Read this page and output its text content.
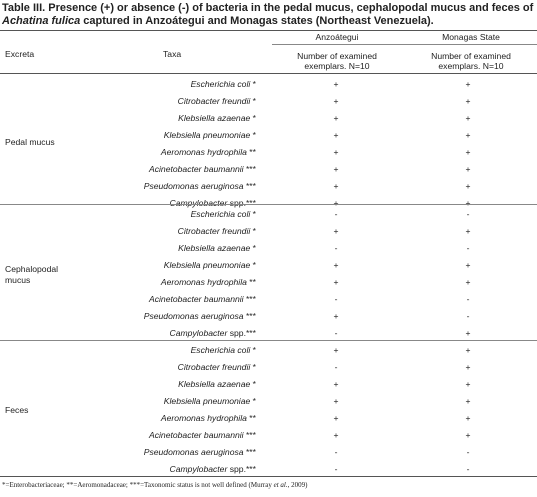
Table III. Presence (+) or absence (-) of bacteria in the pedal mucus, cephalopodal mucus and feces of
Achatina fulica captured in Anzoátegui and Monagas states (Northeast Venezuela).
Excreta	Taxa
Anzoátegui	Monagas State
Number of examined
exemplars. N=10
Number of examined
exemplars. N=10
Pedal mucus
Escherichia coli *	+	+
Citrobacter freundii *	+	+
Klebsiella azaenae *	+	+
Klebsiella pneumoniae *	+	+
Aeromonas hydrophila **	+	+
Acinetobacter baumannii ***	+	+
Pseudomonas aeruginosa ***	+	+
Campylobacter spp.***	+	+
Cephalopodal
mucus
Escherichia coli *	-	-
Citrobacter freundii *	+	+
Klebsiella azaenae *	-	-
Klebsiella pneumoniae *	+	+
Aeromonas hydrophila **	+	+
Acinetobacter baumannii ***	-	-
Pseudomonas aeruginosa ***	+	-
Campylobacter spp.***	-	+
Feces
Escherichia coli *	+	+
Citrobacter freundii *	-	+
Klebsiella azaenae *	+	+
Klebsiella pneumoniae *	+	+
Aeromonas hydrophila **	+	+
Acinetobacter baumannii ***	+	+
Pseudomonas aeruginosa ***	-	-
Campylobacter spp.***	-	-
*=Enterobacteriaceae; **=Aeromonadaceae; ***=Taxonomic status is not well defined (Murray et al., 2009)
